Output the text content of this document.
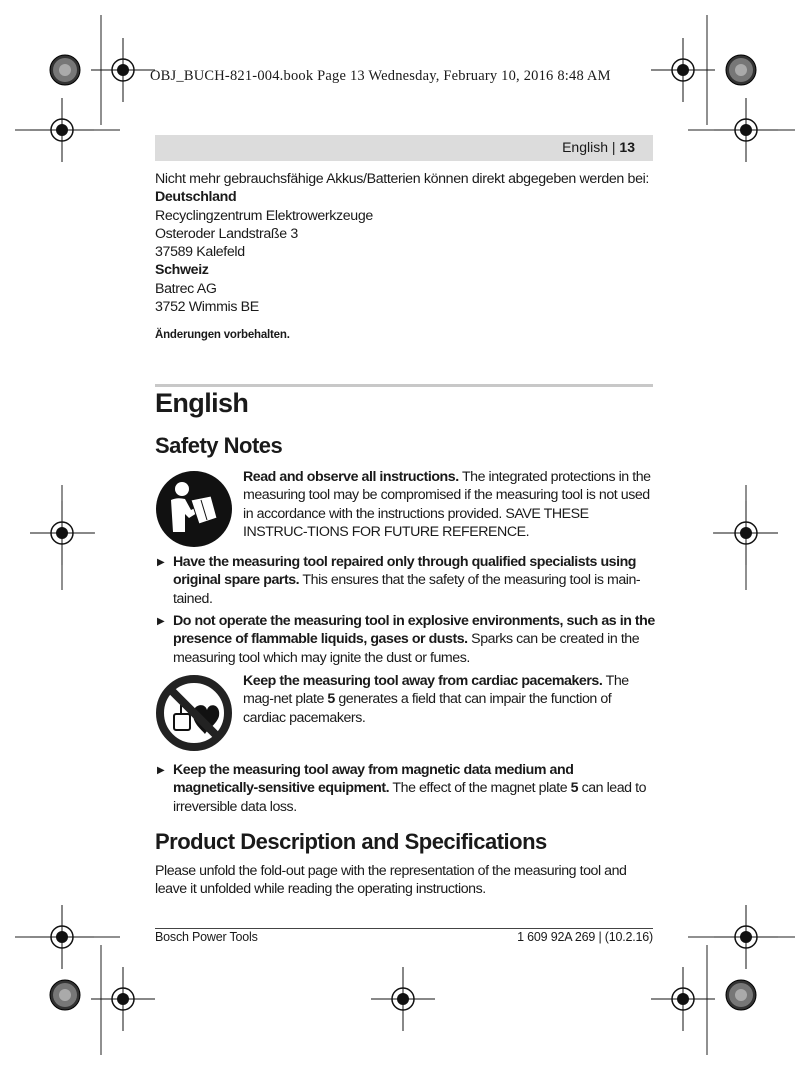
OBJ_BUCH-821-004.book Page 13 Wednesday, February 10, 2016 8:48 AM
English | 13
Nicht mehr gebrauchsfähige Akkus/Batterien können direkt abgegeben werden bei:
Deutschland
Recyclingzentrum Elektrowerkzeuge
Osteroder Landstraße 3
37589 Kalefeld
Schweiz
Batrec AG
3752 Wimmis BE
Änderungen vorbehalten.
English
Safety Notes
Read and observe all instructions. The integrated protections in the measuring tool may be compromised if the measuring tool is not used in accordance with the instructions provided. SAVE THESE INSTRUC-TIONS FOR FUTURE REFERENCE.
▶ Have the measuring tool repaired only through qualified specialists using original spare parts. This ensures that the safety of the measuring tool is main-tained.
▶ Do not operate the measuring tool in explosive environments, such as in the presence of flammable liquids, gases or dusts. Sparks can be created in the measuring tool which may ignite the dust or fumes.
Keep the measuring tool away from cardiac pacemakers. The mag-net plate 5 generates a field that can impair the function of cardiac pacemakers.
▶ Keep the measuring tool away from magnetic data medium and magnetically-sensitive equipment. The effect of the magnet plate 5 can lead to irreversible data loss.
Product Description and Specifications
Please unfold the fold-out page with the representation of the measuring tool and leave it unfolded while reading the operating instructions.
Bosch Power Tools	1 609 92A 269 | (10.2.16)
